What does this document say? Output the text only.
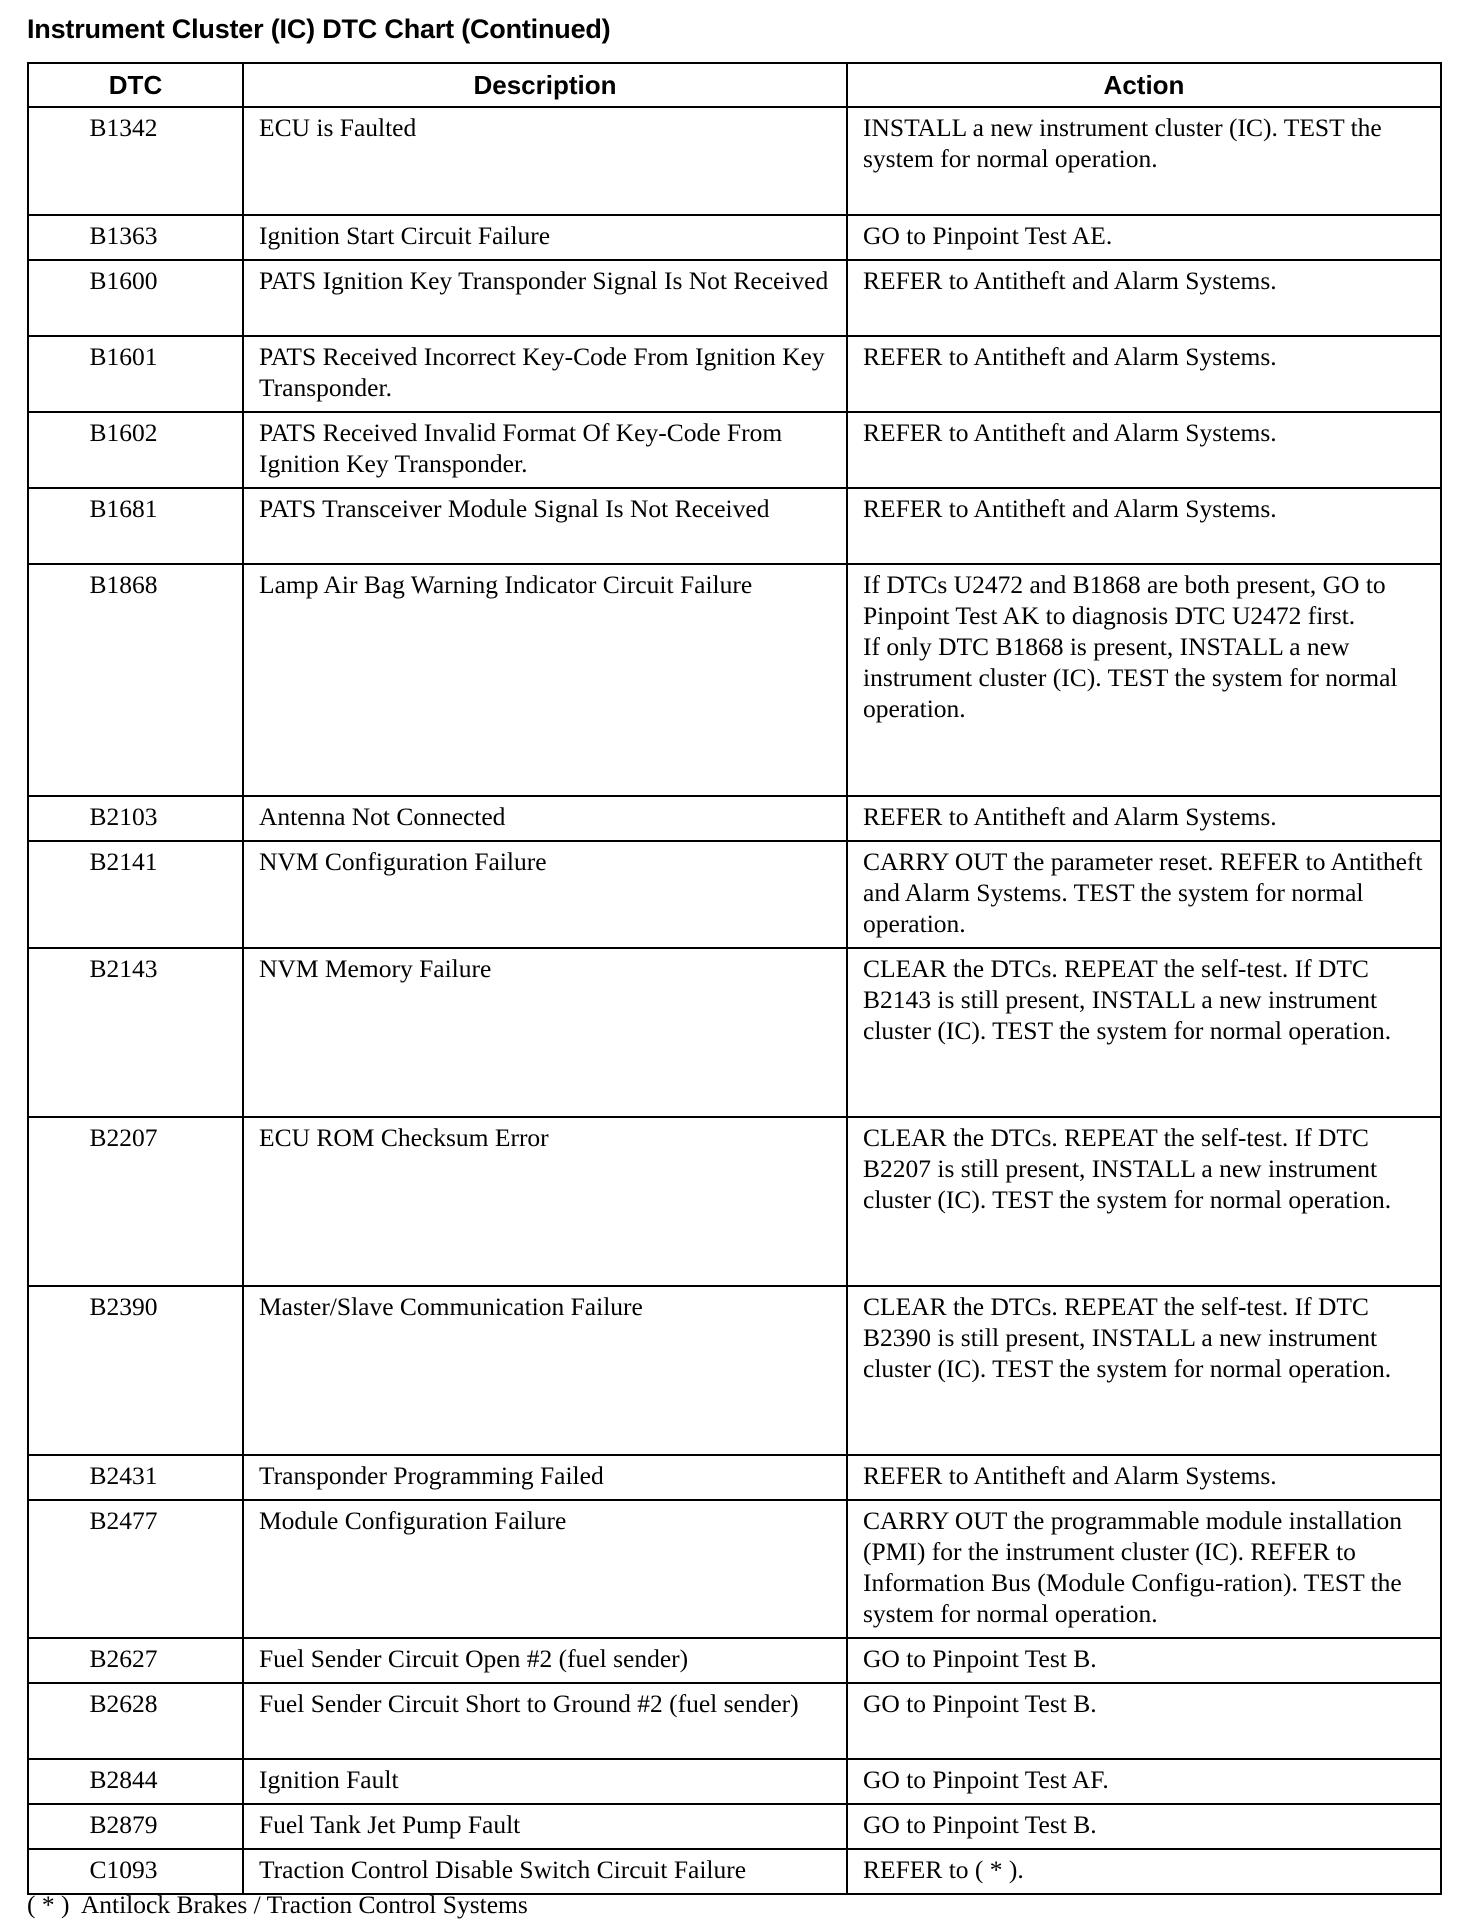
Instrument Cluster (IC) DTC Chart (Continued)
DTC	Description	Action
B1342	ECU is Faulted	INSTALL a new instrument cluster (IC). TEST the system for normal operation.
B1363	Ignition Start Circuit Failure	GO to Pinpoint Test AE.
B1600	PATS Ignition Key Transponder Signal Is Not Received	REFER to Antitheft and Alarm Systems.
B1601	PATS Received Incorrect Key-Code From Ignition Key Transponder.	REFER to Antitheft and Alarm Systems.
B1602	PATS Received Invalid Format Of Key-Code From Ignition Key Transponder.	REFER to Antitheft and Alarm Systems.
B1681	PATS Transceiver Module Signal Is Not Received	REFER to Antitheft and Alarm Systems.
B1868	Lamp Air Bag Warning Indicator Circuit Failure	If DTCs U2472 and B1868 are both present, GO to Pinpoint Test AK to diagnosis DTC U2472 first.
If only DTC B1868 is present, INSTALL a new instrument cluster (IC). TEST the system for normal operation.
B2103	Antenna Not Connected	REFER to Antitheft and Alarm Systems.
B2141	NVM Configuration Failure	CARRY OUT the parameter reset. REFER to Antitheft and Alarm Systems. TEST the system for normal operation.
B2143	NVM Memory Failure	CLEAR the DTCs. REPEAT the self-test. If DTC B2143 is still present, INSTALL a new instrument cluster (IC). TEST the system for normal operation.
B2207	ECU ROM Checksum Error	CLEAR the DTCs. REPEAT the self-test. If DTC B2207 is still present, INSTALL a new instrument cluster (IC). TEST the system for normal operation.
B2390	Master/Slave Communication Failure	CLEAR the DTCs. REPEAT the self-test. If DTC B2390 is still present, INSTALL a new instrument cluster (IC). TEST the system for normal operation.
B2431	Transponder Programming Failed	REFER to Antitheft and Alarm Systems.
B2477	Module Configuration Failure	CARRY OUT the programmable module installation (PMI) for the instrument cluster (IC). REFER to Information Bus (Module Configu-ration). TEST the system for normal operation.
B2627	Fuel Sender Circuit Open #2 (fuel sender)	GO to Pinpoint Test B.
B2628	Fuel Sender Circuit Short to Ground #2 (fuel sender)	GO to Pinpoint Test B.
B2844	Ignition Fault	GO to Pinpoint Test AF.
B2879	Fuel Tank Jet Pump Fault	GO to Pinpoint Test B.
C1093	Traction Control Disable Switch Circuit Failure	REFER to ( * ).
( * )  Antilock Brakes / Traction Control Systems
